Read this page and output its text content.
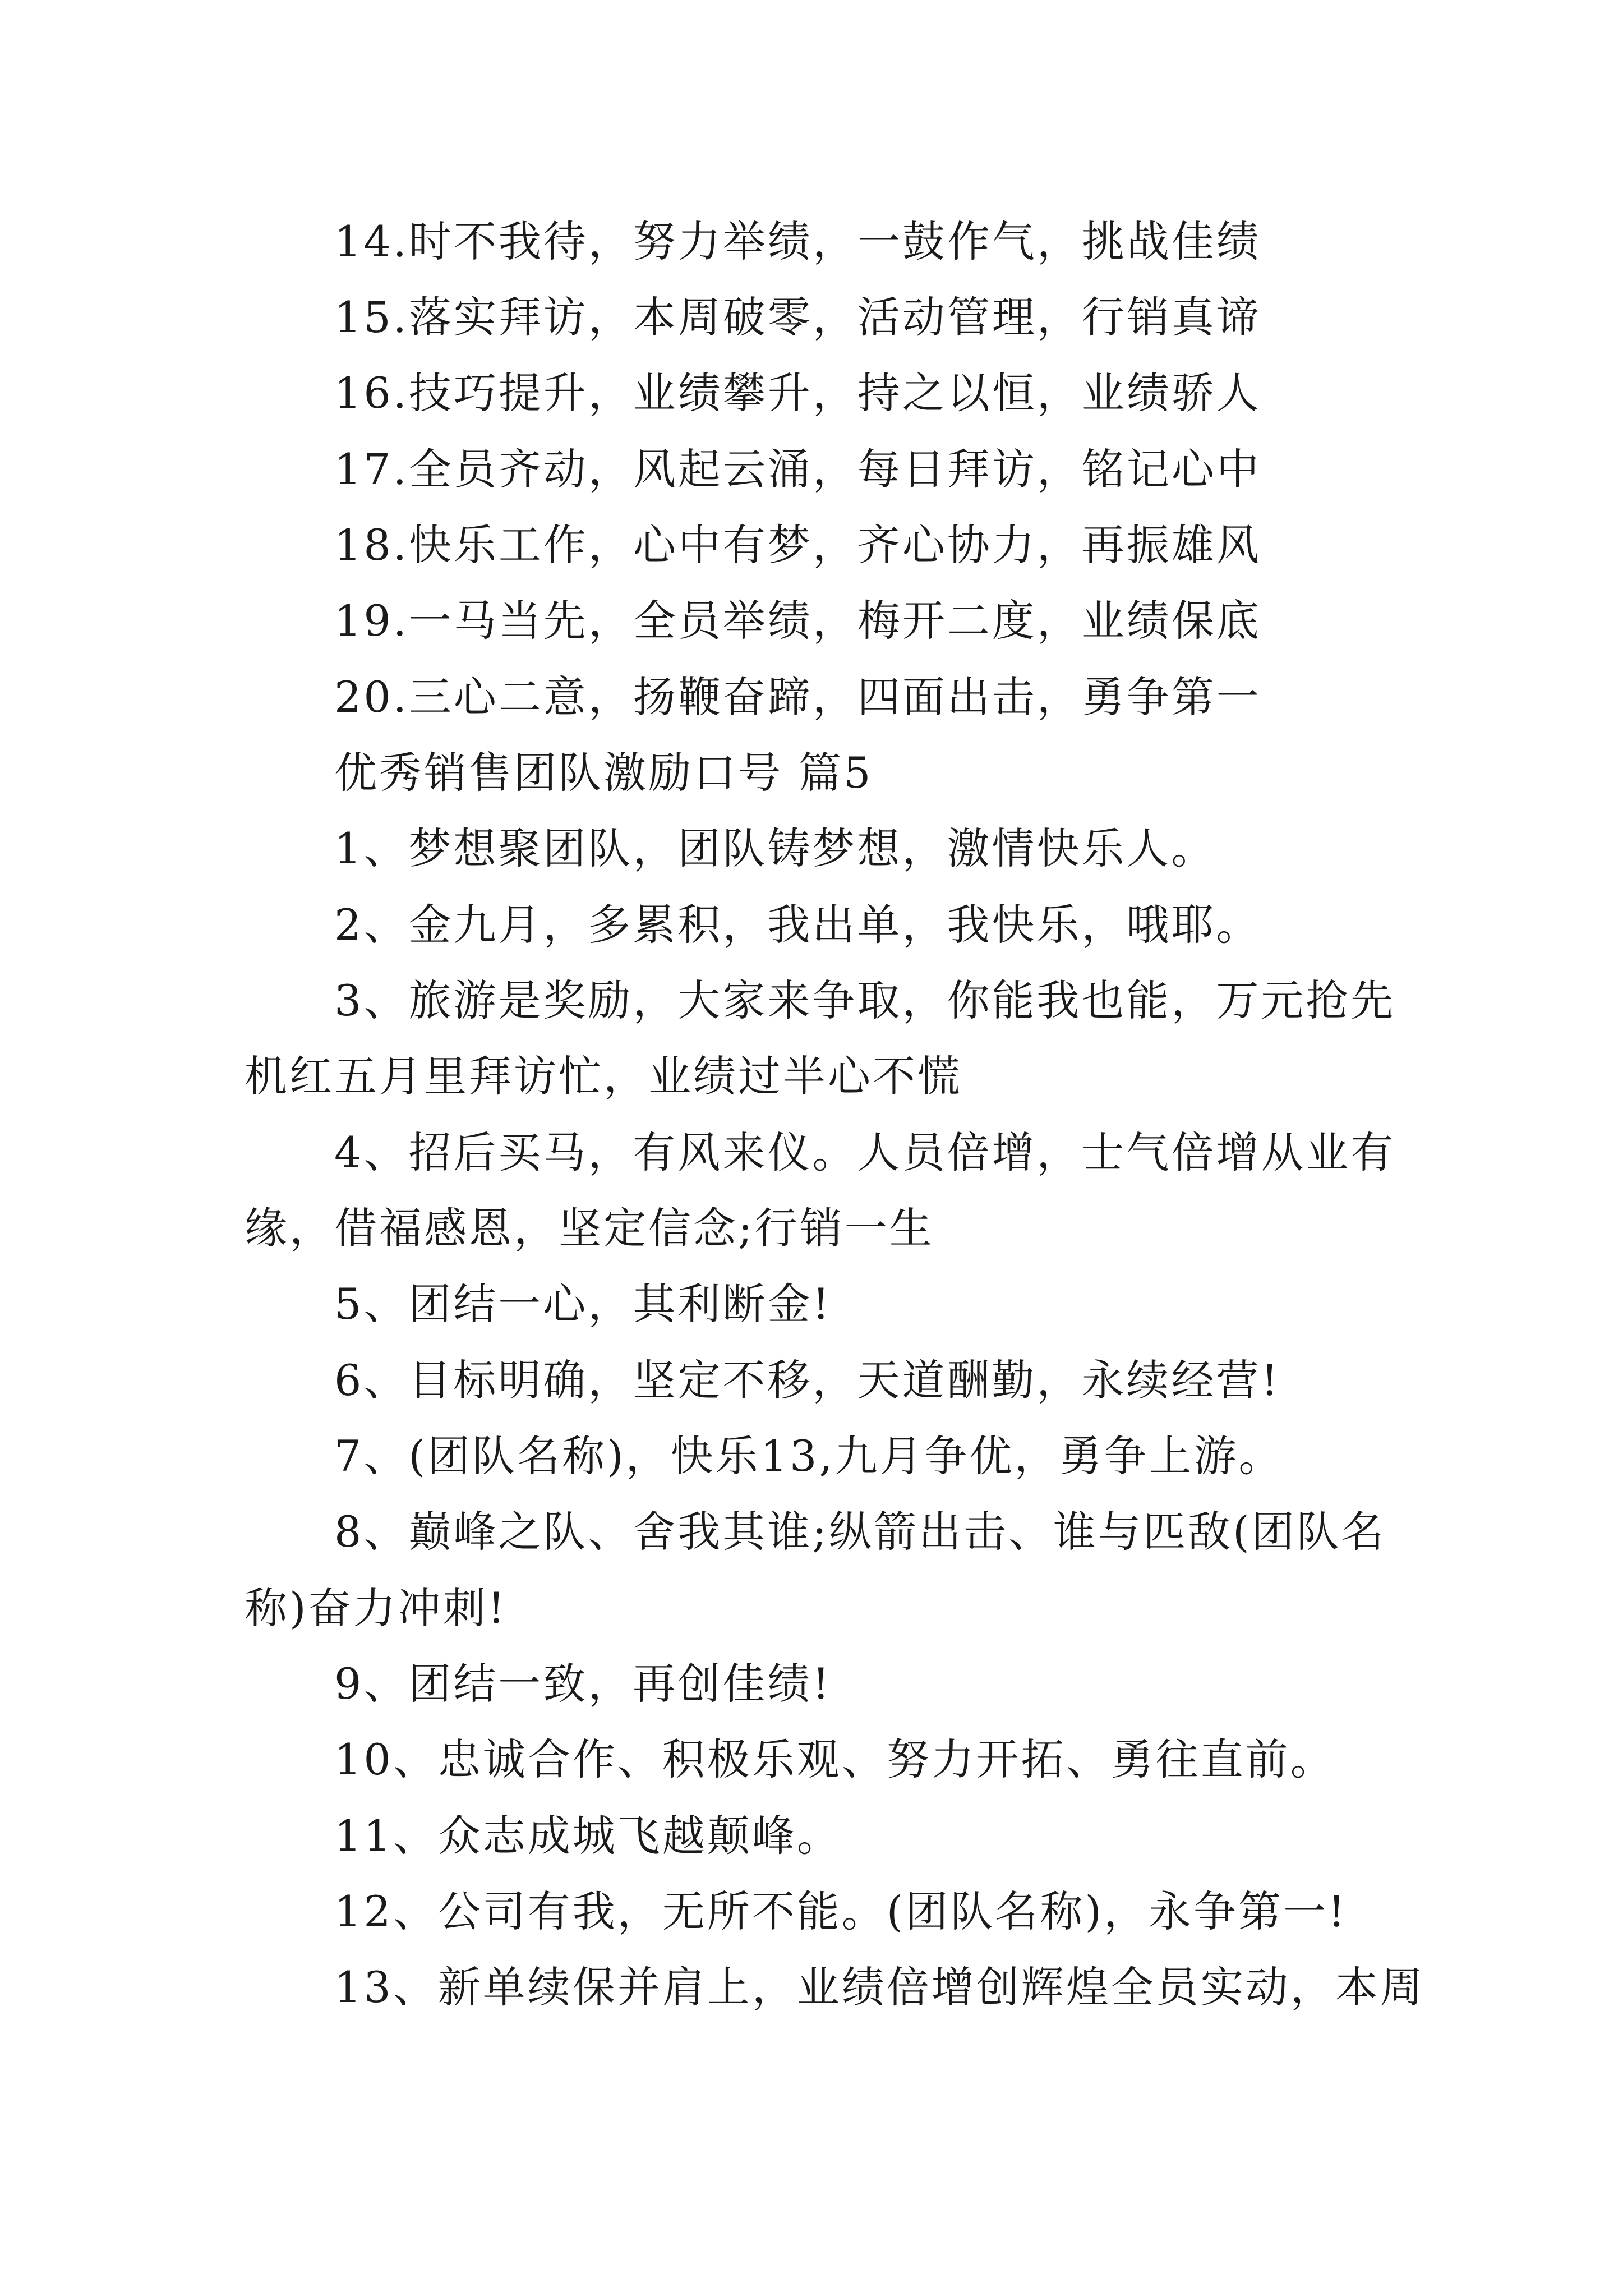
14.时不我待，努力举绩，一鼓作气，挑战佳绩
15.落实拜访，本周破零，活动管理，行销真谛
16.技巧提升，业绩攀升，持之以恒，业绩骄人
17.全员齐动，风起云涌，每日拜访，铭记心中
18.快乐工作，心中有梦，齐心协力，再振雄风
19.一马当先，全员举绩，梅开二度，业绩保底
20.三心二意，扬鞭奋蹄，四面出击，勇争第一
优秀销售团队激励口号 篇5
1、梦想聚团队，团队铸梦想，激情快乐人。
2、金九月，多累积，我出单，我快乐，哦耶。
3、旅游是奖励，大家来争取，你能我也能，万元抢先
机红五月里拜访忙，业绩过半心不慌
4、招后买马，有风来仪。人员倍增，士气倍增从业有
缘，借福感恩，坚定信念;行销一生
5、团结一心，其利断金!
6、目标明确，坚定不移，天道酬勤，永续经营!
7、(团队名称)，快乐13,九月争优，勇争上游。
8、巅峰之队、舍我其谁;纵箭出击、谁与匹敌(团队名
称)奋力冲刺!
9、团结一致，再创佳绩!
10、忠诚合作、积极乐观、努力开拓、勇往直前。
11、众志成城飞越颠峰。
12、公司有我，无所不能。(团队名称)，永争第一!
13、新单续保并肩上，业绩倍增创辉煌全员实动，本周
